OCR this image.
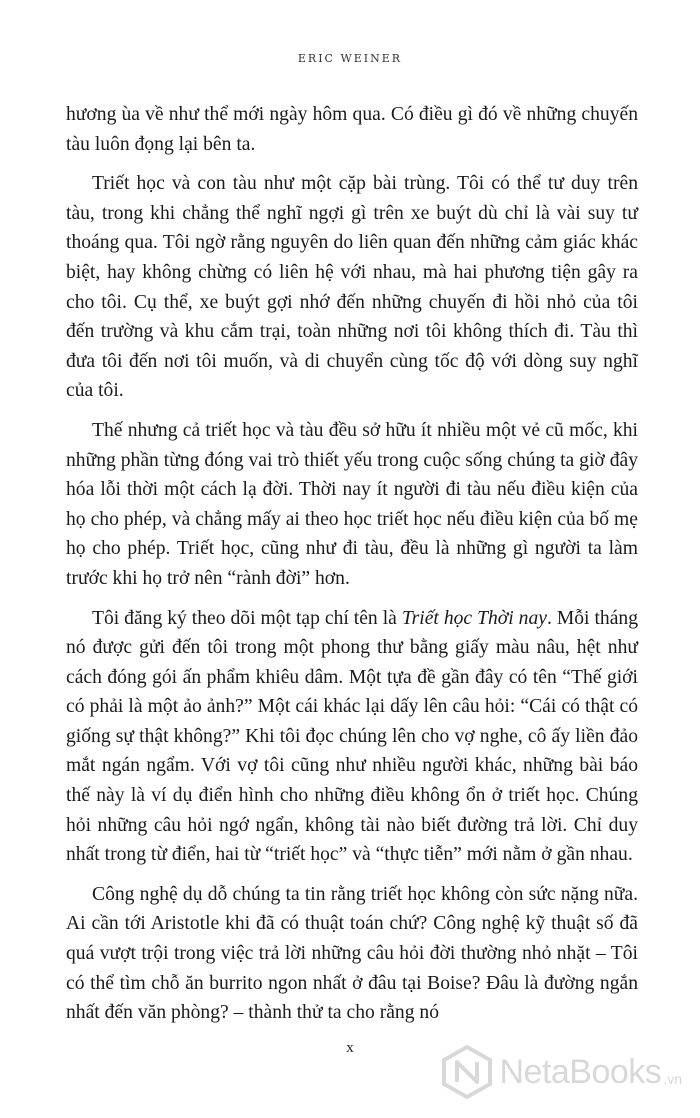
ERIC WEINER

hương ùa về như thể mới ngày hôm qua. Có điều gì đó về những chuyến tàu luôn đọng lại bên ta.

Triết học và con tàu như một cặp bài trùng. Tôi có thể tư duy trên tàu, trong khi chẳng thể nghĩ ngợi gì trên xe buýt dù chỉ là vài suy tư thoáng qua. Tôi ngờ rằng nguyên do liên quan đến những cảm giác khác biệt, hay không chừng có liên hệ với nhau, mà hai phương tiện gây ra cho tôi. Cụ thể, xe buýt gợi nhớ đến những chuyến đi hồi nhỏ của tôi đến trường và khu cắm trại, toàn những nơi tôi không thích đi. Tàu thì đưa tôi đến nơi tôi muốn, và di chuyển cùng tốc độ với dòng suy nghĩ của tôi.

Thế nhưng cả triết học và tàu đều sở hữu ít nhiều một vẻ cũ mốc, khi những phần từng đóng vai trò thiết yếu trong cuộc sống chúng ta giờ đây hóa lỗi thời một cách lạ đời. Thời nay ít người đi tàu nếu điều kiện của họ cho phép, và chẳng mấy ai theo học triết học nếu điều kiện của bố mẹ họ cho phép. Triết học, cũng như đi tàu, đều là những gì người ta làm trước khi họ trở nên “rành đời” hơn.

Tôi đăng ký theo dõi một tạp chí tên là Triết học Thời nay. Mỗi tháng nó được gửi đến tôi trong một phong thư bằng giấy màu nâu, hệt như cách đóng gói ấn phẩm khiêu dâm. Một tựa đề gần đây có tên “Thế giới có phải là một ảo ảnh?” Một cái khác lại dấy lên câu hỏi: “Cái có thật có giống sự thật không?” Khi tôi đọc chúng lên cho vợ nghe, cô ấy liền đảo mắt ngán ngẩm. Với vợ tôi cũng như nhiều người khác, những bài báo thế này là ví dụ điển hình cho những điều không ổn ở triết học. Chúng hỏi những câu hỏi ngớ ngẩn, không tài nào biết đường trả lời. Chỉ duy nhất trong từ điển, hai từ “triết học” và “thực tiễn” mới nằm ở gần nhau.

Công nghệ dụ dỗ chúng ta tin rằng triết học không còn sức nặng nữa. Ai cần tới Aristotle khi đã có thuật toán chứ? Công nghệ kỹ thuật số đã quá vượt trội trong việc trả lời những câu hỏi đời thường nhỏ nhặt – Tôi có thể tìm chỗ ăn burrito ngon nhất ở đâu tại Boise? Đâu là đường ngắn nhất đến văn phòng? – thành thử ta cho rằng nó

x
NetaBooks .vn
